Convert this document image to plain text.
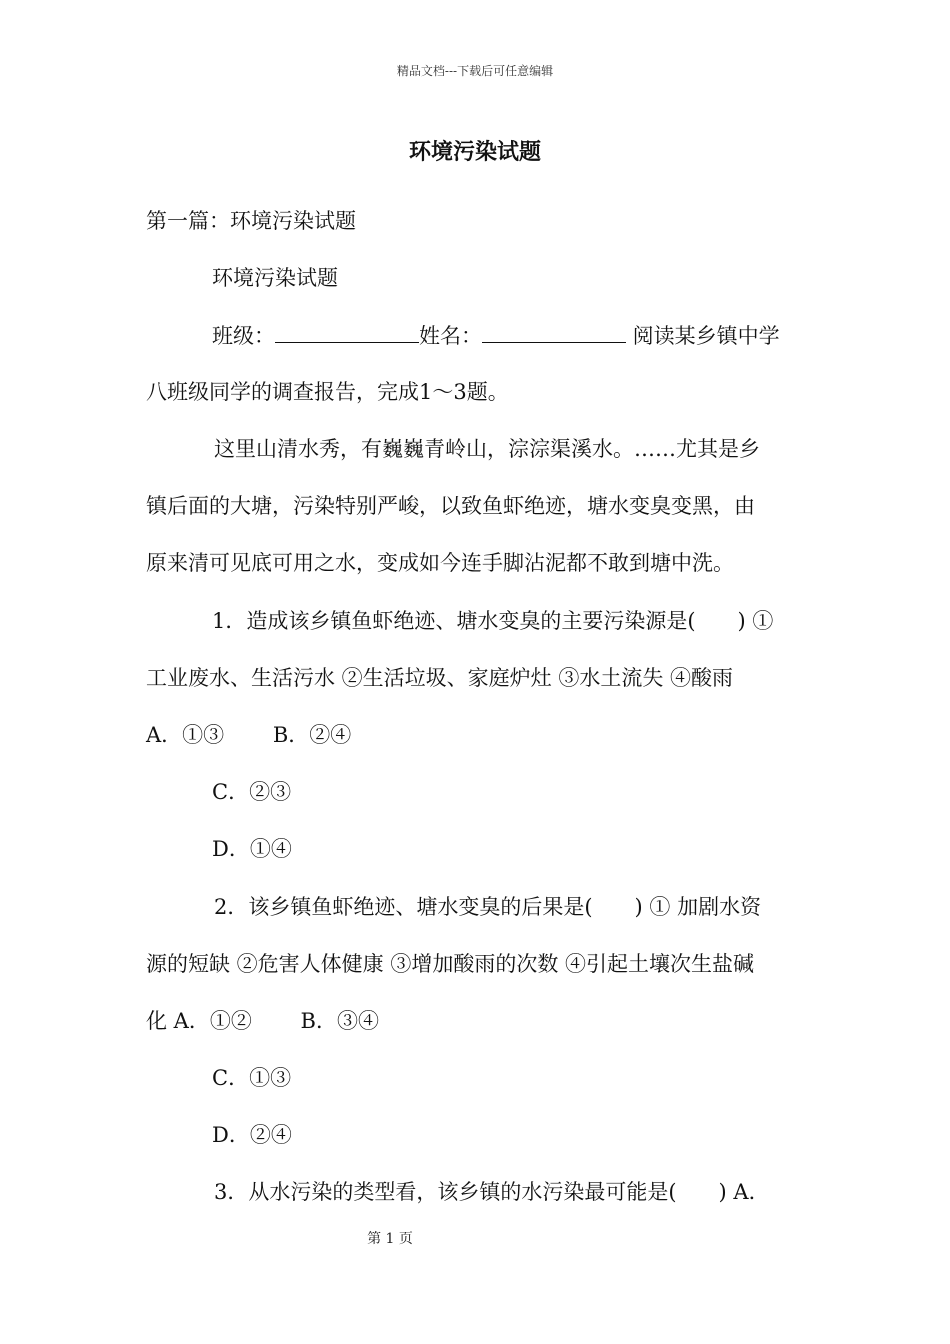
精品文档---下载后可任意编辑
环境污染试题
第一篇：环境污染试题
环境污染试题
班级：	姓名：	阅读某乡镇中学
八班级同学的调查报告，完成1～3题。
这里山清水秀，有巍巍青岭山，淙淙渠溪水。……尤其是乡
镇后面的大塘，污染特别严峻，以致鱼虾绝迹，塘水变臭变黑，由
原来清可见底可用之水，变成如今连手脚沾泥都不敢到塘中洗。
1．造成该乡镇鱼虾绝迹、塘水变臭的主要污染源是(　　) ①
工业废水、生活污水 ②生活垃圾、家庭炉灶 ③水土流失 ④酸雨
A．①③　　 B．②④
C．②③
D．①④
2．该乡镇鱼虾绝迹、塘水变臭的后果是(　　) ① 加剧水资
源的短缺 ②危害人体健康 ③增加酸雨的次数 ④引起土壤次生盐碱
化 A．①②　　 B．③④
C．①③
D．②④
3．从水污染的类型看，该乡镇的水污染最可能是(　　) A．
第 1 页
